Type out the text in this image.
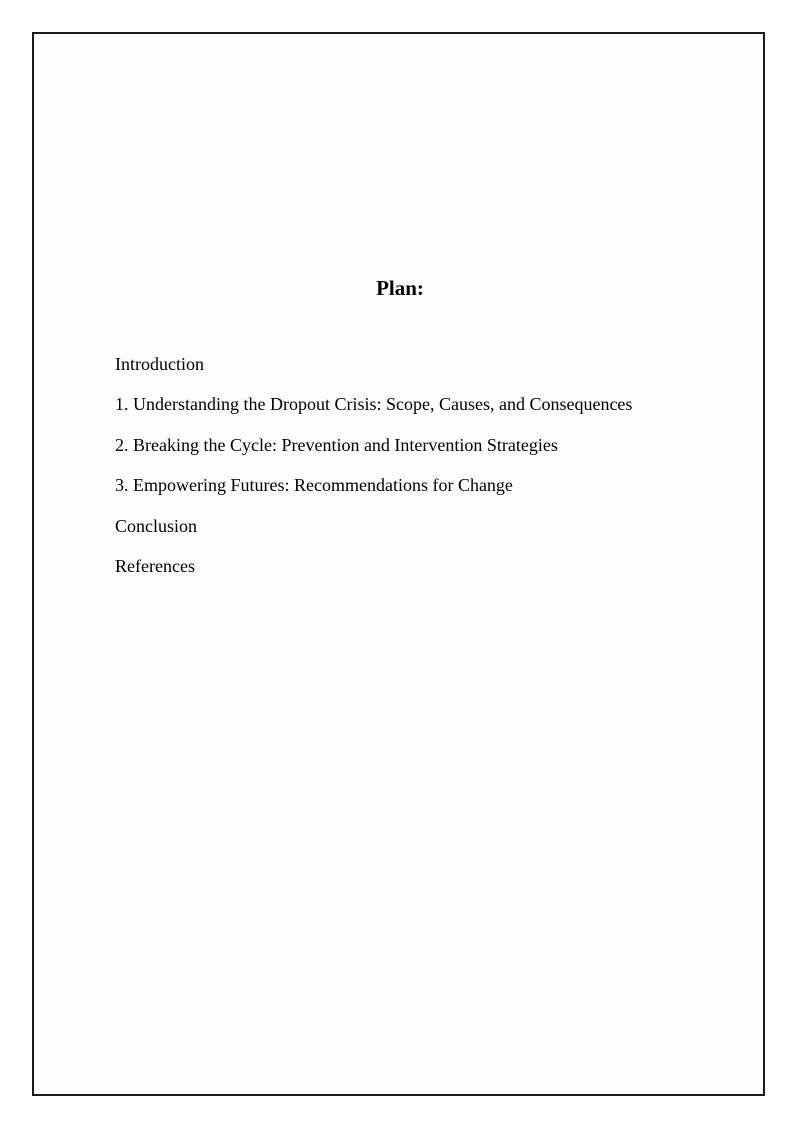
Plan:
Introduction
1. Understanding the Dropout Crisis: Scope, Causes, and Consequences
2. Breaking the Cycle: Prevention and Intervention Strategies
3. Empowering Futures: Recommendations for Change
Conclusion
References
